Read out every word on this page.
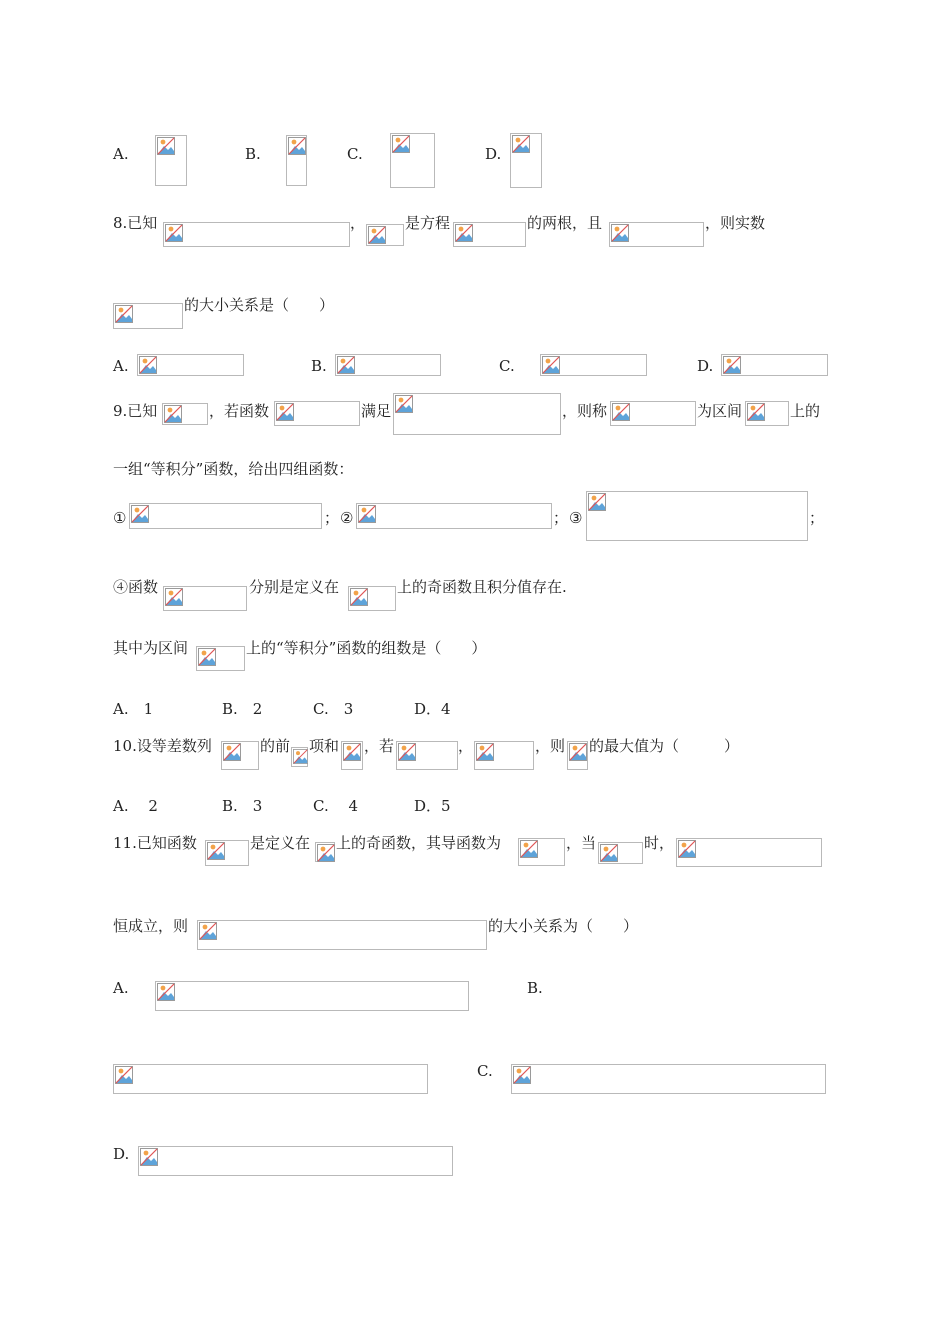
A.	B.	C.	D.
8.已知	，	是方程	的两根，且	，则实数
的大小关系是（　　）
A.	B.	C.	D.
9.已知	，若函数	满足	，则称	为区间	上的
一组“等积分”函数，给出四组函数：
①	； ②	； ③	；
④函数	分别是定义在	上的奇函数且积分值存在.
其中为区间	上的“等积分”函数的组数是（　　）
A.　1	B.　2	C.　3	D．4
10.设等差数列	的前 项和 ，若	，	，则 的最大值为（　　　）
A.　 2	B.　3	C.　 4	D．5
11.已知函数	是定义在 上的奇函数，其导函数为	，当	时，
恒成立，则	的大小关系为（　　）
A.	B.
C.
D.
